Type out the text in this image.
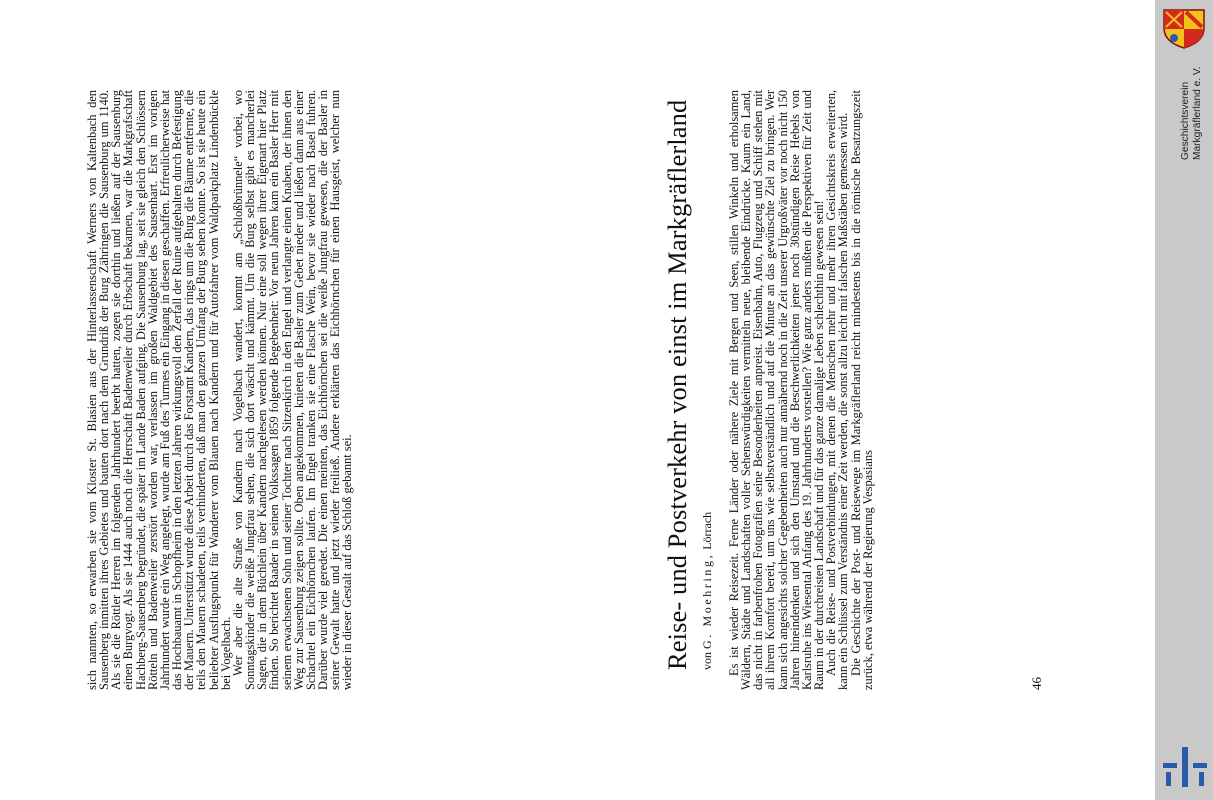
sich nannten, so erwarben sie vom Kloster St. Blasien aus der Hinterlassenschaft Werners von Kaltenbach den Sausenberg inmitten ihres Gebietes und bauten dort nach dem Grundriß der Burg Zähringen die Sausenburg um 1140. Als sie die Röttler Herren im folgenden Jahrhundert beerbt hatten, zogen sie dorthin und ließen auf der Sausenburg einen Burgvogt. Als sie 1444 auch noch die Herrschaft Badenweiler durch Erbschaft bekamen, war die Markgrafschaft Hachberg-Sausenberg begründet, die später im Lande Baden aufging. Die Sausenburg lag, seit sie gleich den Schlössern Rötteln und Badenweiler zerstört worden war, verlassen im großen Waldgebiet des Sausenhart. Erst im vorigen Jahrhundert wurde ein Weg angelegt, wurde am Fuß des Turmes ein Eingang in diesen geschaffen. Erfreulicherweise hat das Hochbauamt in Schopfheim in den letzten Jahren wirkungsvoll den Zerfall der Ruine aufgehalten durch Befestigung der Mauern. Unterstützt wurde diese Arbeit durch das Forstamt Kandern, das rings um die Burg die Bäume entfernte, die teils den Mauern schadeten, teils verhinderten, daß man den ganzen Umfang der Burg sehen konnte. So ist sie heute ein beliebter Ausflugspunkt für Wanderer vom Blauen nach Kandern und für Autofahrer vom Waldparkplatz Lindenbückle bei Vogelbach.

Wer aber die alte Straße von Kandern nach Vogelbach wandert, kommt am „Schloßbrünnele“ vorbei, wo Sonntagskinder die weiße Jungfrau sehen, die sich dort wäscht und kämmt. Um die Burg selbst gibt es mancherlei Sagen, die in dem Büchlein über Kandern nachgelesen werden können. Nur eine soll wegen ihrer Eigenart hier Platz finden. So berichtet Baader in seinen Volkssagen 1859 folgende Begebenheit: Vor neun Jahren kam ein Basler Herr mit seinem erwachsenen Sohn und seiner Tochter nach Sitzenkirch in den Engel und verlangte einen Knaben, der ihnen den Weg zur Sausenburg zeigen sollte. Oben angekommen, knieten die Basler zum Gebet nieder und ließen dann aus einer Schachtel ein Eichhörnchen laufen. Im Engel tranken sie eine Flasche Wein, bevor sie wieder nach Basel fuhren. Darüber wurde viel geredet. Die einen meinten, das Eichhörnchen sei die weiße Jungfrau gewesen, die der Basler in seiner Gewalt hatte und jetzt wieder freiließ. Andere erklärten das Eichhörnchen für einen Hausgeist, welcher nun wieder in dieser Gestalt auf das Schloß gebannt sei.	Reise- und Postverkehr von einst im Markgräflerland von G. Moehring, Lörrach Es ist wieder Reisezeit. Ferne Länder oder nähere Ziele mit Bergen und Seen, stillen Winkeln und erholsamen Wäldern, Städte und Landschaften voller Sehenswürdigkeiten vermitteln neue, bleibende Eindrücke. Kaum ein Land, das nicht in farbenfrohen Fotografien seine Besonderheiten anpreist. Eisenbahn, Auto, Flugzeug und Schiff stehen mit all ihrem Komfort bereit, um uns wie selbstverständlich und auf die Minute an das gewünschte Ziel zu bringen. Wer kann sich angesichts solcher Gegebenheiten auch nur annähernd noch in die Zeit unserer Urgroßväter vor noch nicht 150 Jahren hineindenken und sich den Umstand und die Beschwerlichkeiten jener noch 30stündigen Reise Hebels von Karlsruhe ins Wiesental Anfang des 19. Jahrhunderts vorstellen? Wie ganz anders mußten die Perspektiven für Zeit und Raum in der durchreisten Landschaft und für das ganze damalige Leben schlechthin gewesen sein!

Auch die Reise- und Postverbindungen, mit denen die Menschen mehr und mehr ihren Gesichtskreis erweiterten, kann ein Schlüssel zum Verständnis einer Zeit werden, die sonst allzu leicht mit falschen Maßstäben gemessen wird.

Die Geschichte der Post- und Reisewege im Markgräflerland reicht mindestens bis in die römische Besatzungszeit zurück, etwa während der Regierung Vespasians	46
Geschichtsverein Markgräflerland e. V.
